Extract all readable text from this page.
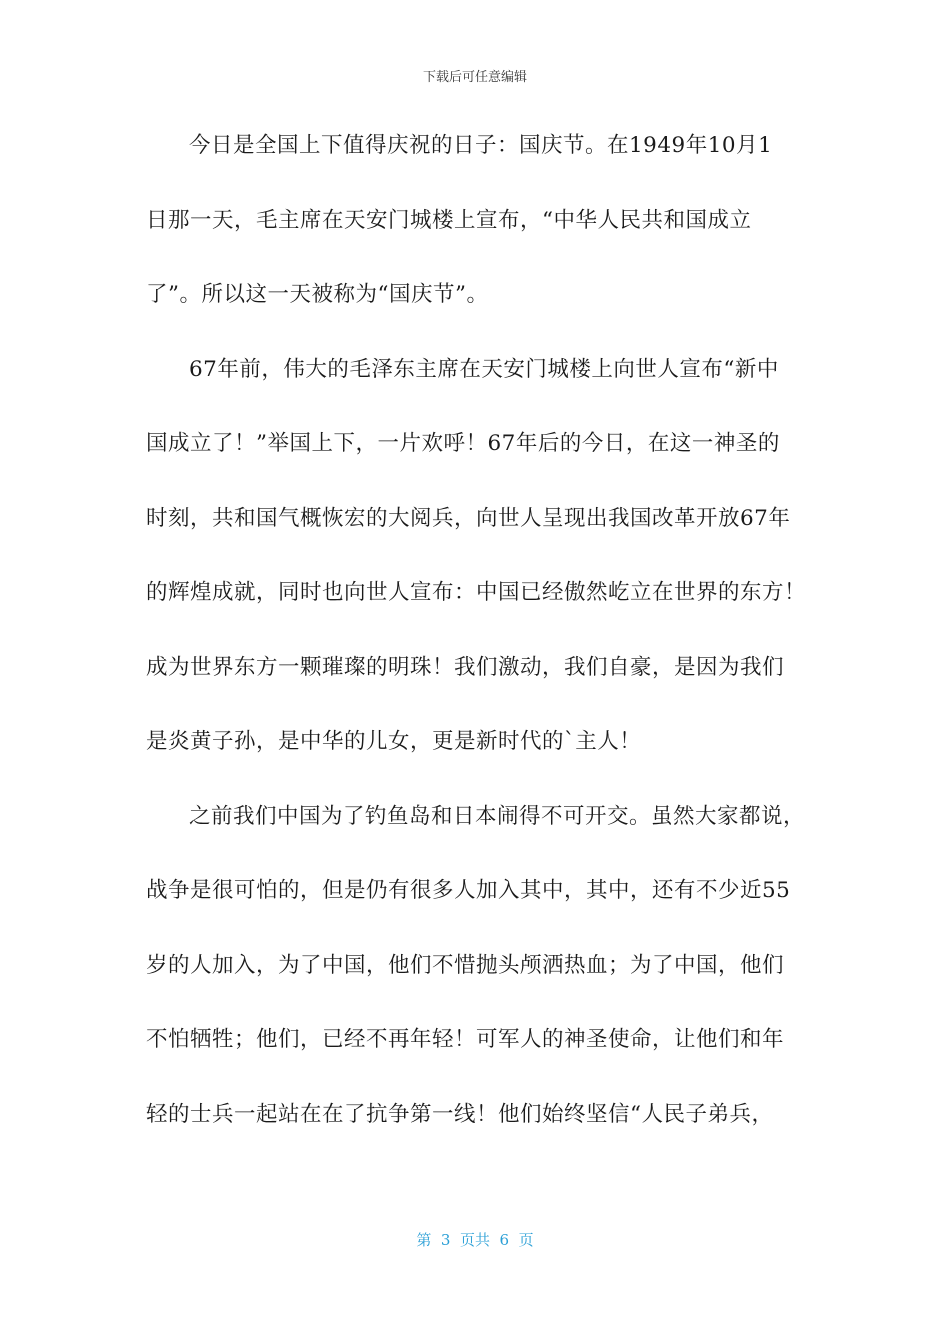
下载后可任意编辑
今日是全国上下值得庆祝的日子：国庆节。在1949年10月1
日那一天，毛主席在天安门城楼上宣布，“中华人民共和国成立
了”。所以这一天被称为“国庆节”。
67年前，伟大的毛泽东主席在天安门城楼上向世人宣布“新中
国成立了！”举国上下，一片欢呼！67年后的今日，在这一神圣的
时刻，共和国气概恢宏的大阅兵，向世人呈现出我国改革开放67年
的辉煌成就，同时也向世人宣布：中国已经傲然屹立在世界的东方！
成为世界东方一颗璀璨的明珠！我们激动，我们自豪，是因为我们
是炎黄子孙，是中华的儿女，更是新时代的`主人！
之前我们中国为了钓鱼岛和日本闹得不可开交。虽然大家都说，
战争是很可怕的，但是仍有很多人加入其中，其中，还有不少近55
岁的人加入，为了中国，他们不惜抛头颅洒热血；为了中国，他们
不怕牺牲；他们，已经不再年轻！可军人的神圣使命，让他们和年
轻的士兵一起站在在了抗争第一线！他们始终坚信“人民子弟兵，
第  3  页共  6  页
